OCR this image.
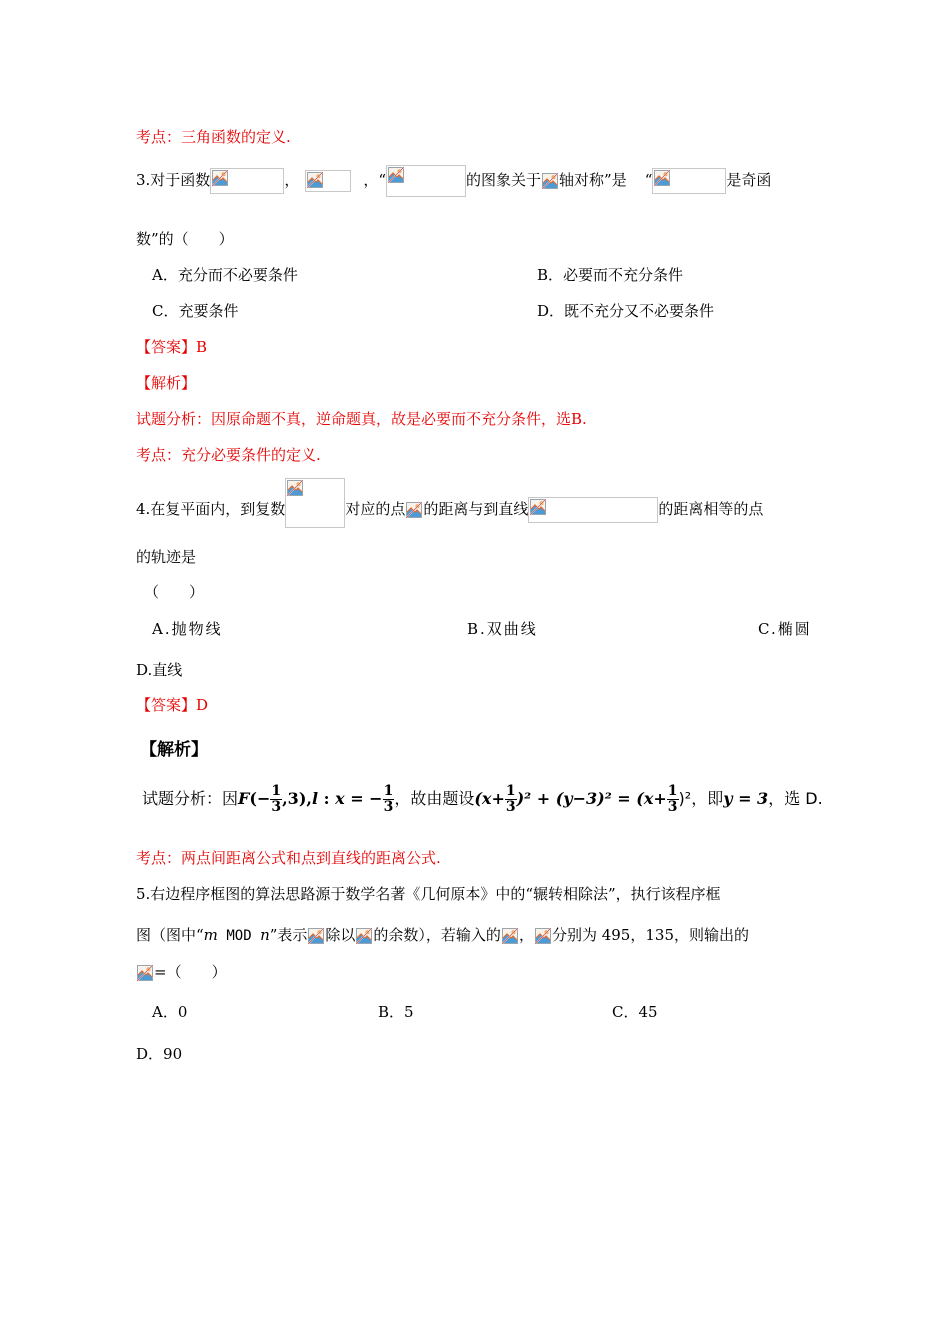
考点：三角函数的定义.
3.对于函数	，	，“	的图象关于 轴对称”是 “	是奇函
数”的（　　）
A．充分而不必要条件	B．必要而不充分条件
C．充要条件	D．既不充分又不必要条件
【答案】B
【解析】
试题分析：因原命题不真，逆命题真，故是必要而不充分条件，选B.
考点：充分必要条件的定义.
4.在复平面内，到复数	对应的点 的距离与到直线	的距离相等的点
的轨迹是
（　　）
A.抛物线	B.双曲线	C.椭圆
D.直线
【答案】D
【解析】
试题分析：因$F(- \frac{1}{3} ,3),l$ : x = − $\frac{1}{3}$ ，故由题设$(x+ \frac{1}{3} )^2 + (y-3)^2 = (x+ \frac{1}{3} )^2$，即y = 3，选 D.
考点：两点间距离公式和点到直线的距离公式.
5.右边程序框图的算法思路源于数学名著《几何原本》中的“辗转相除法”，执行该程序框
图（图中“m MOD n”表示 除以 的余数），若输入的 ， 分别为 495，135，则输出的
=（　　）
A．0	B．5	C．45
D．90
